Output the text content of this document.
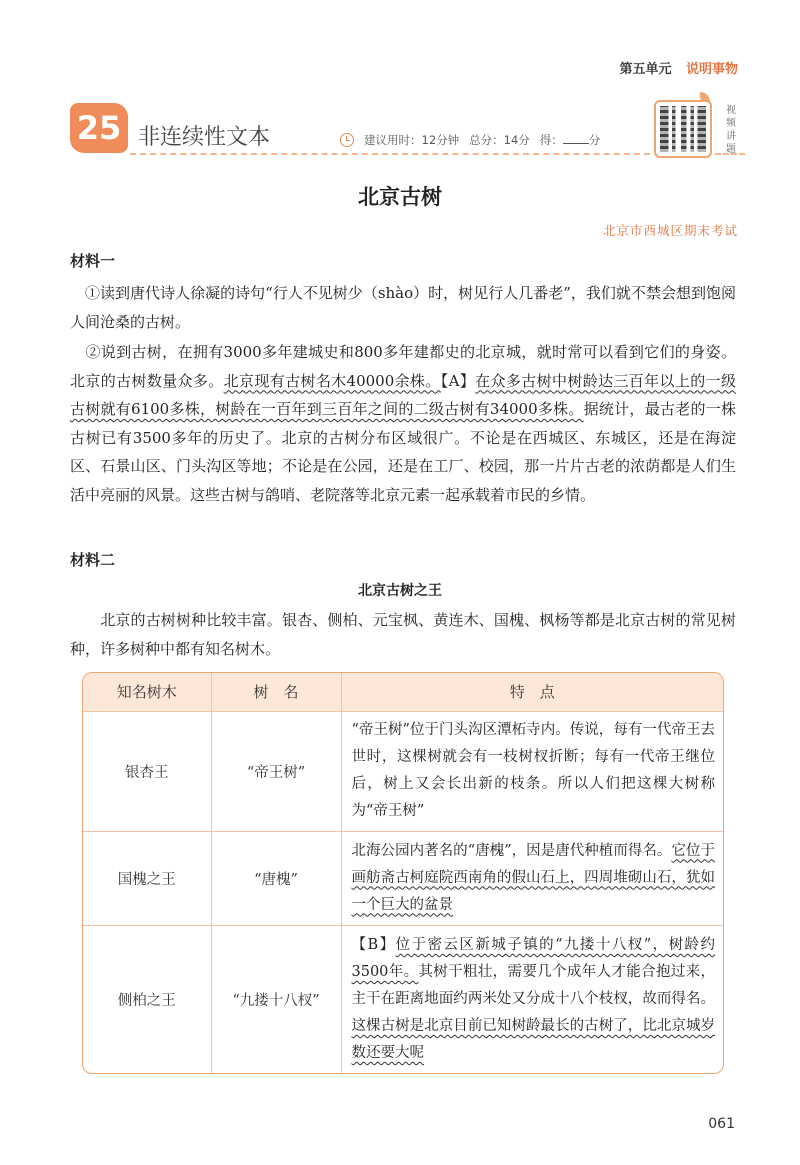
第五单元 说明事物
25 非连续性文本	建议用时：12分钟 总分：14分 得： 分
视频讲题
北京古树
北京市西城区期末考试
材料一

　①读到唐代诗人徐凝的诗句“行人不见树少（shào）时，树见行人几番老”，我们就不禁会想到饱阅人间沧桑的古树。

　②说到古树，在拥有3000多年建城史和800多年建都史的北京城，就时常可以看到它们的身姿。北京的古树数量众多。北京现有古树名木40000余株。【A】在众多古树中树龄达三百年以上的一级古树就有6100多株，树龄在一百年到三百年之间的二级古树有34000多株。据统计，最古老的一株古树已有3500多年的历史了。北京的古树分布区域很广。不论是在西城区、东城区，还是在海淀区、石景山区、门头沟区等地；不论是在公园，还是在工厂、校园，那一片片古老的浓荫都是人们生活中亮丽的风景。这些古树与鸽哨、老院落等北京元素一起承载着市民的乡情。

材料二
北京古树之王

　　北京的古树树种比较丰富。银杏、侧柏、元宝枫、黄连木、国槐、枫杨等都是北京古树的常见树种，许多树种中都有知名树木。

知名树木	树　名	特　点
银杏王	“帝王树”	“帝王树”位于门头沟区潭柘寺内。传说，每有一代帝王去世时，这棵树就会有一枝树杈折断；每有一代帝王继位后，树上又会长出新的枝条。所以人们把这棵大树称为“帝王树”
国槐之王	“唐槐”	北海公园内著名的“唐槐”，因是唐代种植而得名。它位于画舫斋古柯庭院西南角的假山石上，四周堆砌山石，犹如一个巨大的盆景
侧柏之王	“九搂十八杈”	【B】位于密云区新城子镇的“九搂十八杈”，树龄约3500年。其树干粗壮，需要几个成年人才能合抱过来，主干在距离地面约两米处又分成十八个枝杈，故而得名。这棵古树是北京目前已知树龄最长的古树了，比北京城岁数还要大呢
061
